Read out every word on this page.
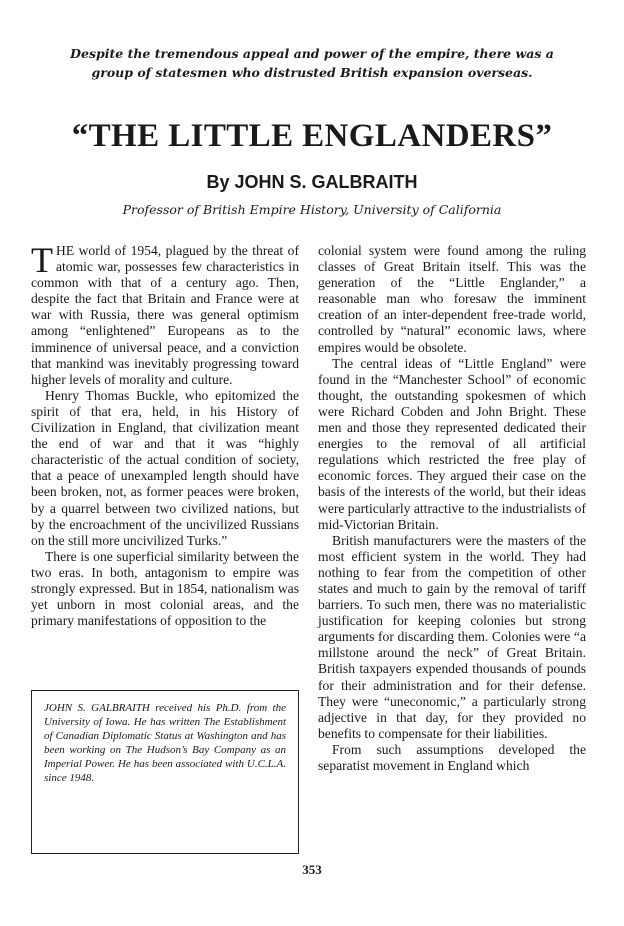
Despite the tremendous appeal and power of the empire, there was a group of statesmen who distrusted British expansion overseas.
“THE LITTLE ENGLANDERS”
By JOHN S. GALBRAITH
Professor of British Empire History, University of California

THE world of 1954, plagued by the threat of atomic war, possesses few characteristics in common with that of a century ago. Then, despite the fact that Britain and France were at war with Russia, there was general optimism among “enlightened” Europeans as to the imminence of universal peace, and a conviction that mankind was inevitably progressing toward higher levels of morality and culture.

Henry Thomas Buckle, who epitomized the spirit of that era, held, in his History of Civilization in England, that civilization meant the end of war and that it was “highly characteristic of the actual condition of society, that a peace of unexampled length should have been broken, not, as former peaces were broken, by a quarrel between two civilized nations, but by the encroachment of the uncivilized Russians on the still more uncivilized Turks.”

There is one superficial similarity between the two eras. In both, antagonism to empire was strongly expressed. But in 1854, nationalism was yet unborn in most colonial areas, and the primary manifestations of opposition to the

JOHN S. GALBRAITH received his Ph.D. from the University of Iowa. He has written The Establishment of Canadian Diplomatic Status at Washington and has been working on The Hudson’s Bay Company as an Imperial Power. He has been associated with U.C.L.A. since 1948.

colonial system were found among the ruling classes of Great Britain itself. This was the generation of the “Little Englander,” a reasonable man who foresaw the imminent creation of an inter-dependent free-trade world, controlled by “natural” economic laws, where empires would be obsolete.

The central ideas of “Little England” were found in the “Manchester School” of economic thought, the outstanding spokesmen of which were Richard Cobden and John Bright. These men and those they represented dedicated their energies to the removal of all artificial regulations which restricted the free play of economic forces. They argued their case on the basis of the interests of the world, but their ideas were particularly attractive to the industrialists of mid-Victorian Britain.

British manufacturers were the masters of the most efficient system in the world. They had nothing to fear from the competition of other states and much to gain by the removal of tariff barriers. To such men, there was no materialistic justification for keeping colonies but strong arguments for discarding them. Colonies were “a millstone around the neck” of Great Britain. British taxpayers expended thousands of pounds for their administration and for their defense. They were “uneconomic,” a particularly strong adjective in that day, for they provided no benefits to compensate for their liabilities.

From such assumptions developed the separatist movement in England which

353
